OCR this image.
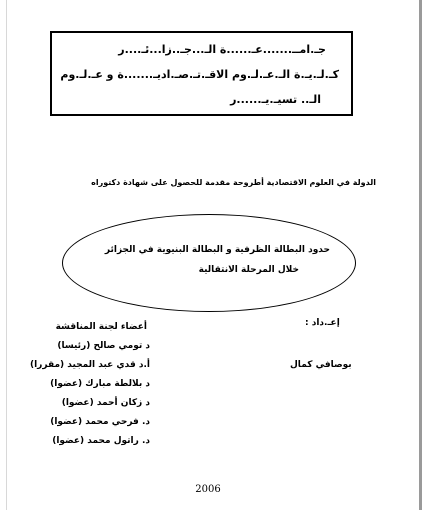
جـ.امــ.......عـ......ة الـ...جـ..زا...ئـ....ر
كـ.لـ.يـ.ة الـ.عـ.لـ.وم الاقـ.تـ.صـ.اديـ.......ة و عـ.لـ.وم
الـ.. تسيـ.يـ......ر
الدولة في العلوم الاقتصادية أطروحة مقدمة للحصول على شهادة دكتوراه
حدود البطالة الظرفية و البطالة البنيوية في الجزائر
خلال المرحلة الانتقالية
إعـ.داد :
بوصافي كمال
أعضاء لجنة المناقشة
د تومي صالح (رئيسا)
أ.د قدي عبد المجيد (مقررا)
د بلالطة مبارك (عضوا)
د زكان أحمد (عضوا)
د. فرحي محمد (عضوا)
د. راتول محمد (عضوا)
2006
